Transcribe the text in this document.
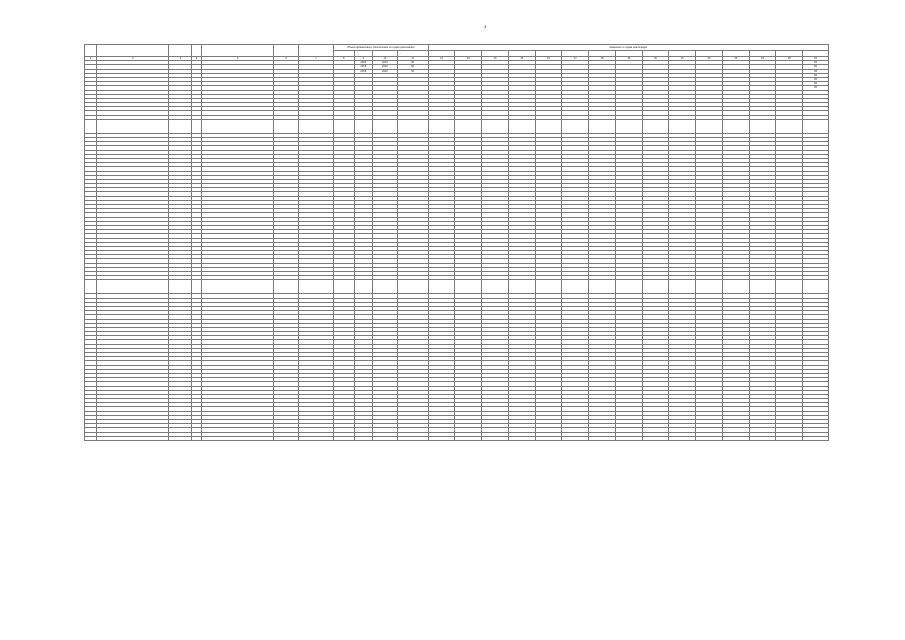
3
							Объем финансового обеспечения по годам реализации				Значение по годам реализации														

1	2	3	4	5	6	7	8	9	10	11	12	13	14	15	16	17	18	19	20	21	22	23	24	25	26
								2016	2022	60															60
								2016	2022	60															60
								2016	2022	60															60
																									60
																									60
																									60
																									60
